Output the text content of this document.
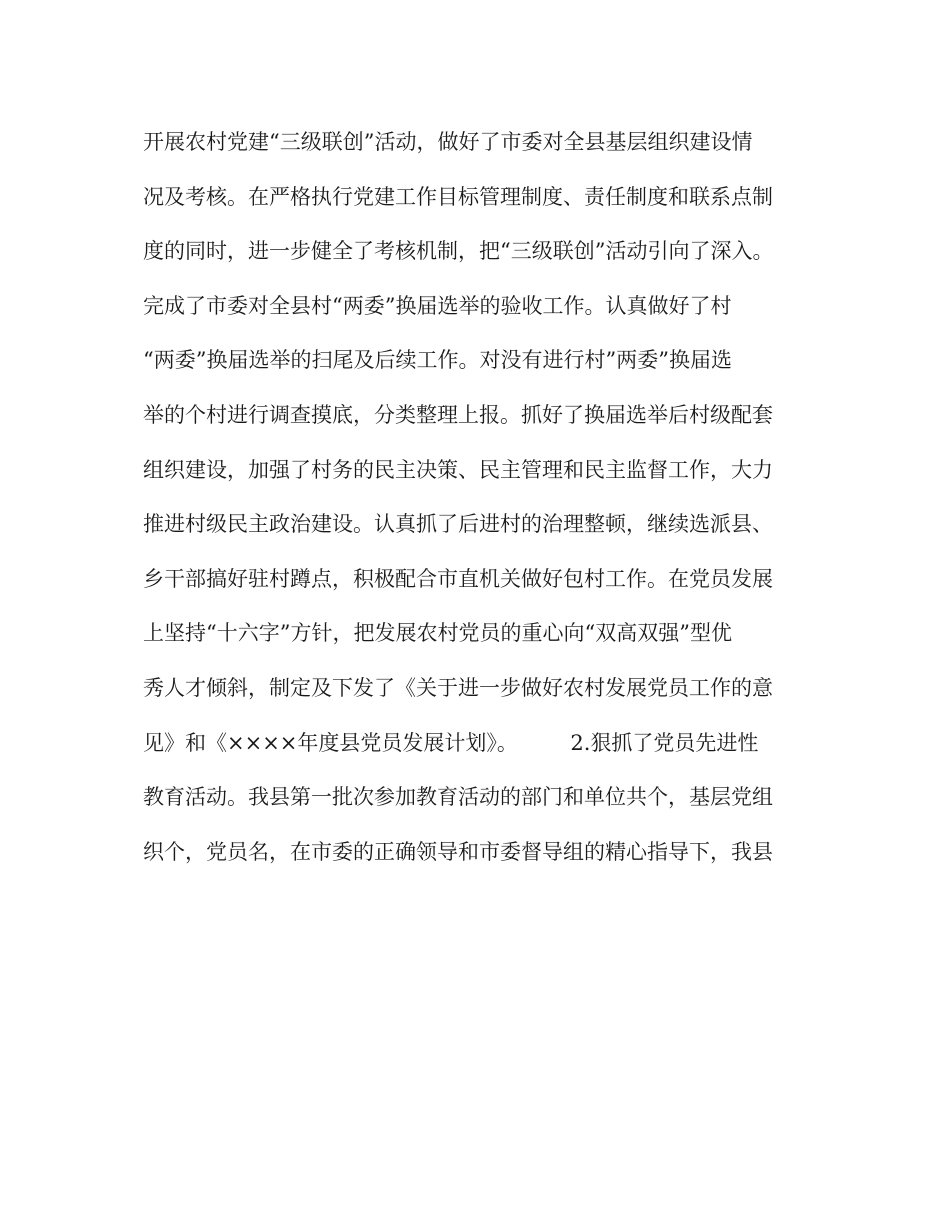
开展农村党建“三级联创”活动，做好了市委对全县基层组织建设情
况及考核。在严格执行党建工作目标管理制度、责任制度和联系点制
度的同时，进一步健全了考核机制，把“三级联创”活动引向了深入。
完成了市委对全县村“两委”换届选举的验收工作。认真做好了村
“两委”换届选举的扫尾及后续工作。对没有进行村”两委”换届选
举的个村进行调查摸底，分类整理上报。抓好了换届选举后村级配套
组织建设，加强了村务的民主决策、民主管理和民主监督工作，大力
推进村级民主政治建设。认真抓了后进村的治理整顿，继续选派县、
乡干部搞好驻村蹲点，积极配合市直机关做好包村工作。在党员发展
上坚持“十六字”方针，把发展农村党员的重心向“双高双强”型优
秀人才倾斜，制定及下发了《关于进一步做好农村发展党员工作的意
见》和《××××年度县党员发展计划》。　　　2.狠抓了党员先进性
教育活动。我县第一批次参加教育活动的部门和单位共个，基层党组
织个，党员名，在市委的正确领导和市委督导组的精心指导下，我县
